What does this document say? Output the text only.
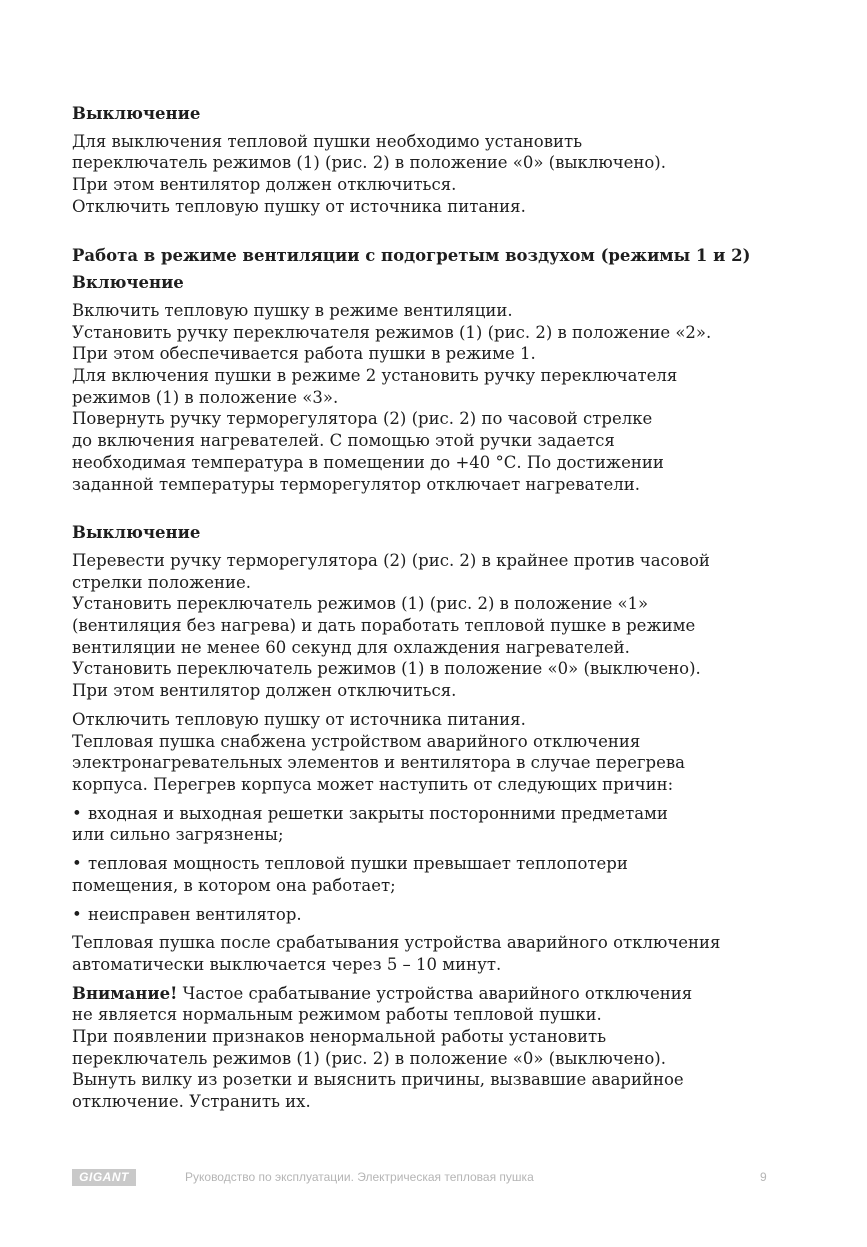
Выключение

Для выключения тепловой пушки необходимо установить
переключатель режимов (1) (рис. 2) в положение «0» (выключено).
При этом вентилятор должен отключиться.
Отключить тепловую пушку от источника питания.

Работа в режиме вентиляции с подогретым воздухом (режимы 1 и 2)

Включение

Включить тепловую пушку в режиме вентиляции.
Установить ручку переключателя режимов (1) (рис. 2) в положение «2».
При этом обеспечивается работа пушки в режиме 1.
Для включения пушки в режиме 2 установить ручку переключателя
режимов (1) в положение «3».
Повернуть ручку терморегулятора (2) (рис. 2) по часовой стрелке
до включения нагревателей. С помощью этой ручки задается
необходимая температура в помещении до +40 °С. По достижении
заданной температуры терморегулятор отключает нагреватели.

Выключение

Перевести ручку терморегулятора (2) (рис. 2) в крайнее против часовой
стрелки положение.
Установить переключатель режимов (1) (рис. 2) в положение «1»
(вентиляция без нагрева) и дать поработать тепловой пушке в режиме
вентиляции не менее 60 секунд для охлаждения нагревателей.
Установить переключатель режимов (1) в положение «0» (выключено).
При этом вентилятор должен отключиться.

Отключить тепловую пушку от источника питания.
Тепловая пушка снабжена устройством аварийного отключения
электронагревательных элементов и вентилятора в случае перегрева
корпуса. Перегрев корпуса может наступить от следующих причин:

• входная и выходная решетки закрыты посторонними предметами
или сильно загрязнены;

• тепловая мощность тепловой пушки превышает теплопотери
помещения, в котором она работает;

• неисправен вентилятор.

Тепловая пушка после срабатывания устройства аварийного отключения
автоматически выключается через 5 – 10 минут.

Внимание! Частое срабатывание устройства аварийного отключения
не является нормальным режимом работы тепловой пушки.
При появлении признаков ненормальной работы установить
переключатель режимов (1) (рис. 2) в положение «0» (выключено).
Вынуть вилку из розетки и выяснить причины, вызвавшие аварийное
отключение. Устранить их.

GIGANT	Руководство по эксплуатации. Электрическая тепловая пушка	9
